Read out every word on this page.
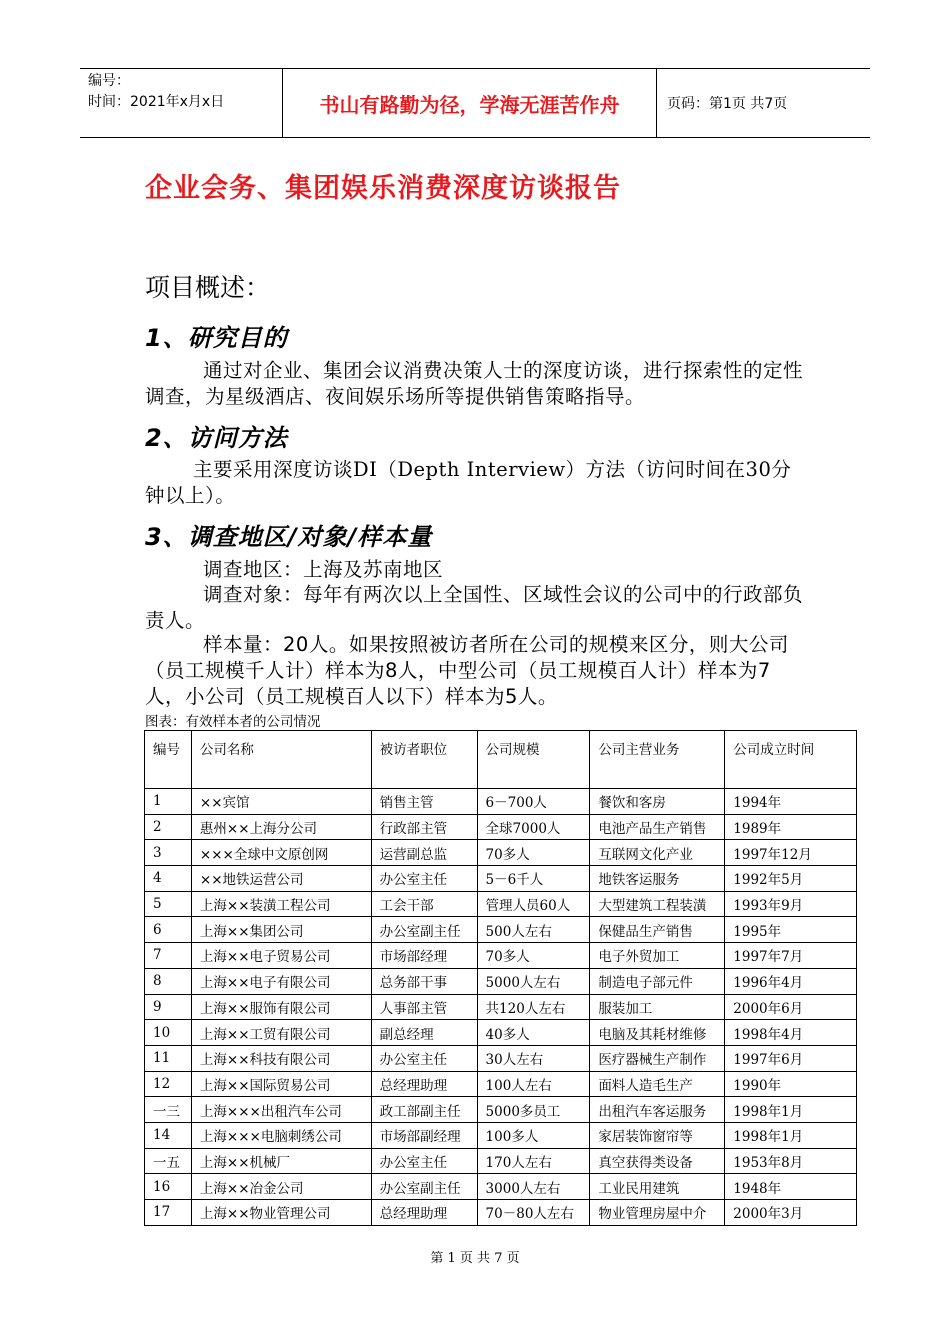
编号：
时间：2021年x月x日	书山有路勤为径，学海无涯苦作舟	页码：第1页 共7页
企业会务、集团娱乐消费深度访谈报告
项目概述：
1、研究目的

通过对企业、集团会议消费决策人士的深度访谈，进行探索性的定性调查，为星级酒店、夜间娱乐场所等提供销售策略指导。

2、访问方法

主要采用深度访谈DI（Depth Interview）方法（访问时间在30分钟以上）。

3、调查地区/对象/样本量

调查地区：上海及苏南地区

调查对象：每年有两次以上全国性、区域性会议的公司中的行政部负责人。

样本量：20人。如果按照被访者所在公司的规模来区分，则大公司（员工规模千人计）样本为8人，中型公司（员工规模百人计）样本为7人，小公司（员工规模百人以下）样本为5人。

图表：有效样本者的公司情况

编号	公司名称	被访者职位	公司规模	公司主营业务	公司成立时间
1	××宾馆	销售主管	6－700人	餐饮和客房	1994年
2	惠州××上海分公司	行政部主管	全球7000人	电池产品生产销售	1989年
3	×××全球中文原创网	运营副总监	70多人	互联网文化产业	1997年12月
4	××地铁运营公司	办公室主任	5－6千人	地铁客运服务	1992年5月
5	上海××装潢工程公司	工会干部	管理人员60人	大型建筑工程装潢	1993年9月
6	上海××集团公司	办公室副主任	500人左右	保健品生产销售	1995年
7	上海××电子贸易公司	市场部经理	70多人	电子外贸加工	1997年7月
8	上海××电子有限公司	总务部干事	5000人左右	制造电子部元件	1996年4月
9	上海××服饰有限公司	人事部主管	共120人左右	服装加工	2000年6月
10	上海××工贸有限公司	副总经理	40多人	电脑及其耗材维修	1998年4月
11	上海××科技有限公司	办公室主任	30人左右	医疗器械生产制作	1997年6月
12	上海××国际贸易公司	总经理助理	100人左右	面料人造毛生产	1990年
一三	上海×××出租汽车公司	政工部副主任	5000多员工	出租汽车客运服务	1998年1月
14	上海×××电脑刺绣公司	市场部副经理	100多人	家居装饰窗帘等	1998年1月
一五	上海××机械厂	办公室主任	170人左右	真空获得类设备	1953年8月
16	上海××冶金公司	办公室副主任	3000人左右	工业民用建筑	1948年
17	上海××物业管理公司	总经理助理	70－80人左右	物业管理房屋中介	2000年3月
第 1 页 共 7 页
